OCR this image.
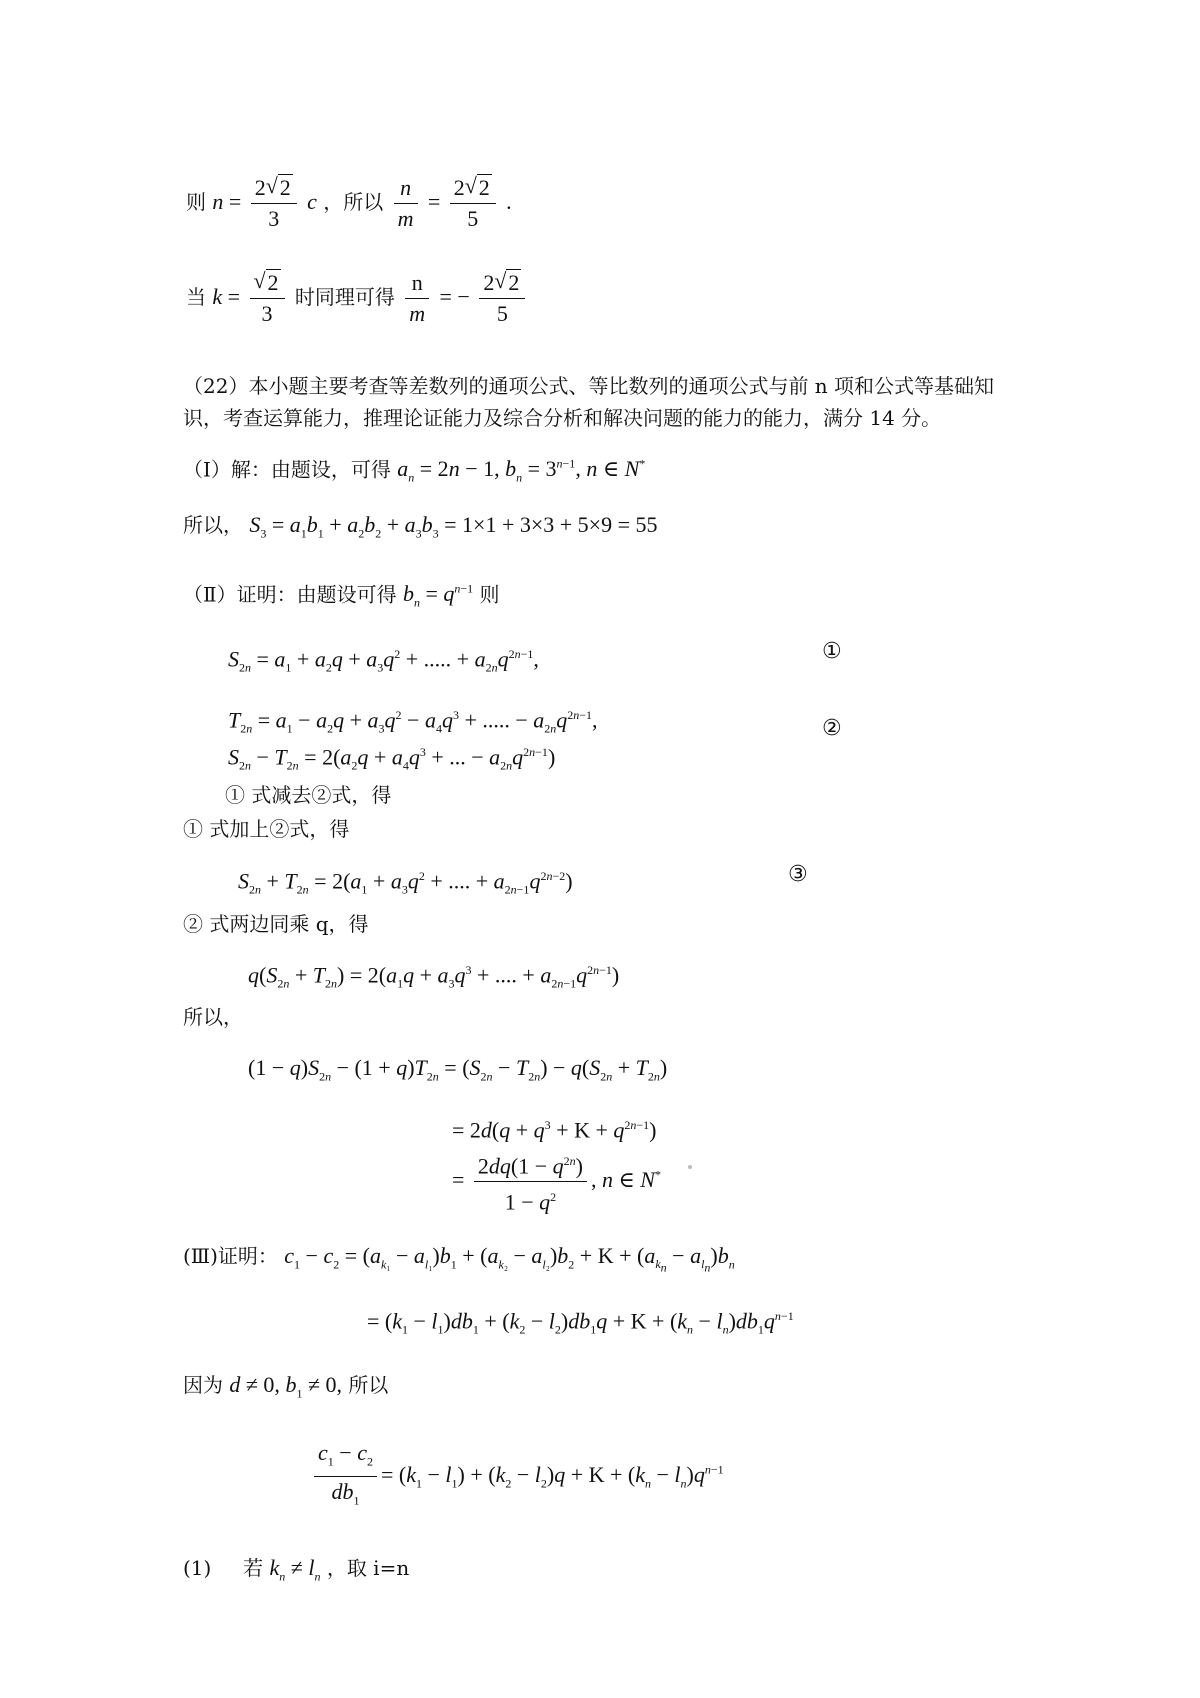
则 $n = \frac{2 √ 2}{3}$ c ，所以 $\frac{n}{m} = \frac{2 √ 2}{5}$ .
当 k = √ $\frac{2}{3}$ 时同理可得 $\frac{n}{m}$ = − $\frac{2 √ 2}{5}$
（22）本小题主要考查等差数列的通项公式、等比数列的通项公式与前 n 项和公式等基础知
识，考查运算能力，推理论证能力及综合分析和解决问题的能力的能力，满分 14 分。
（Ⅰ）解：由题设，可得 $a_n = 2n - 1$, $b_n = 3^{n-1}$, n ∈ N*
所以， $S_3 = a_1b_1 + a_2b_2 + a_3b_3 = 1\times 1 + 3\times 3 + 5\times 9 = 55$
（Ⅱ）证明：由题设可得 $b_n = q^{n-1}$ 则
$S_{2n} = a_1 + a_2q + a_3q^2$ + ..... + $a_{2n}q^{2n-1}$,	①
$T_{2n} = a_1 - a_2q + a_3q^2 - a_4q^3$ + ..... − $a_{2n}q^{2n-1}$,	②
$S_{2n} - T_{2n} = 2(a_2q + a_4q^3$ + ... − $a_{2n}q^{2n-1}$)
① 式减去②式，得
① 式加上②式，得
$S_{2n} + T_{2n} = 2(a_1 + a_3q^2$ + .... + $a_{2n-1}q^{2n-2}$)	③
② 式两边同乘 q，得
$q(S_{2n} + T_{2n}) = 2(a_1q + a_3q^3$ + .... + $a_{2n-1}q^{2n-1}$)
所以，
$(1 - q)S_{2n} - (1 + q)T_{2n} = (S_{2n} - T_{2n}) - q(S_{2n} + T_{2n})$
= $2d(q + q^3 + K + q^{2n-1})$
= $\frac{2dq(1 - q^{2n})}{1 - q^2}$ , n ∈ N*
(Ⅲ)证明： $c_1 - c_2 = (a_{k_1} - a_{l_1})b_1 + (a_{k_2} - a_{l_2})b_2 + K + (a_{k_n} - a_{l_n})b_n$
= $(k_1 - l_1)db_1 + (k_2 - l_2)db_1q + K + (k_n - l_n)db_1q^{n-1}$
因为 d ≠ 0, $b_1 \ne 0$, 所以
$\frac{c_1 - c_2}{db_1} = (k_1 - l_1) + (k_2 - l_2)q + K + (k_n - l_n)q^{n-1}$
(1) 若 $k_n \ne l_n$ ，取 i=n
